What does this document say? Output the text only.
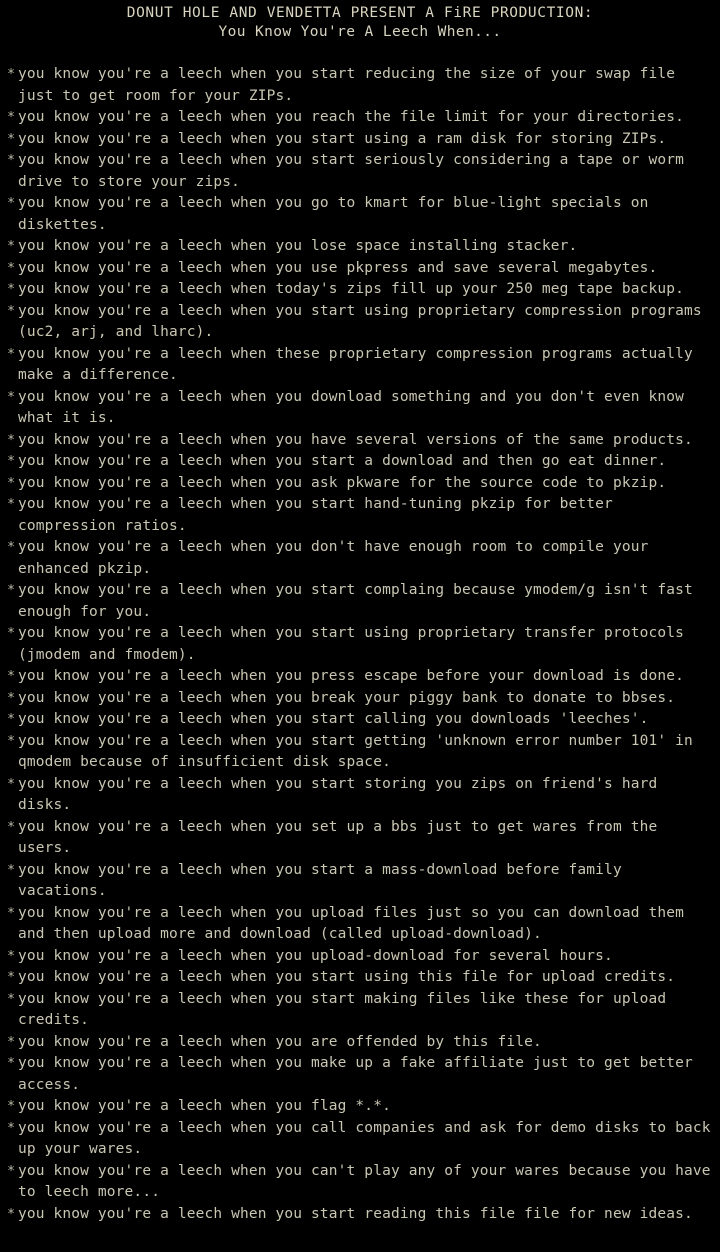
DONUT HOLE AND VENDETTA PRESENT A FiRE PRODUCTION:
You Know You're A Leech When...
* you know you're a leech when you start reducing the size of your swap file just to get room for your ZIPs.
* you know you're a leech when you reach the file limit for your directories.
* you know you're a leech when you start using a ram disk for storing ZIPs.
* you know you're a leech when you start seriously considering a tape or worm drive to store your zips.
* you know you're a leech when you go to kmart for blue-light specials on diskettes.
* you know you're a leech when you lose space installing stacker.
* you know you're a leech when you use pkpress and save several megabytes.
* you know you're a leech when today's zips fill up your 250 meg tape backup.
* you know you're a leech when you start using proprietary compression programs (uc2, arj, and lharc).
* you know you're a leech when these proprietary compression programs actually make a difference.
* you know you're a leech when you download something and you don't even know what it is.
* you know you're a leech when you have several versions of the same products.
* you know you're a leech when you start a download and then go eat dinner.
* you know you're a leech when you ask pkware for the source code to pkzip.
* you know you're a leech when you start hand-tuning pkzip for better compression ratios.
* you know you're a leech when you don't have enough room to compile your enhanced pkzip.
* you know you're a leech when you start complaing because ymodem/g isn't fast enough for you.
* you know you're a leech when you start using proprietary transfer protocols (jmodem and fmodem).
* you know you're a leech when you press escape before your download is done.
* you know you're a leech when you break your piggy bank to donate to bbses.
* you know you're a leech when you start calling you downloads 'leeches'.
* you know you're a leech when you start getting 'unknown error number 101' in qmodem because of insufficient disk space.
* you know you're a leech when you start storing you zips on friend's hard disks.
* you know you're a leech when you set up a bbs just to get wares from the users.
* you know you're a leech when you start a mass-download before family vacations.
* you know you're a leech when you upload files just so you can download them and then upload more and download (called upload-download).
* you know you're a leech when you upload-download for several hours.
* you know you're a leech when you start using this file for upload credits.
* you know you're a leech when you start making files like these for upload credits.
* you know you're a leech when you are offended by this file.
* you know you're a leech when you make up a fake affiliate just to get better access.
* you know you're a leech when you flag *.*.
* you know you're a leech when you call companies and ask for demo disks to back up your wares.
* you know you're a leech when you can't play any of your wares because you have to leech more...
* you know you're a leech when you start reading this file file for new ideas.
